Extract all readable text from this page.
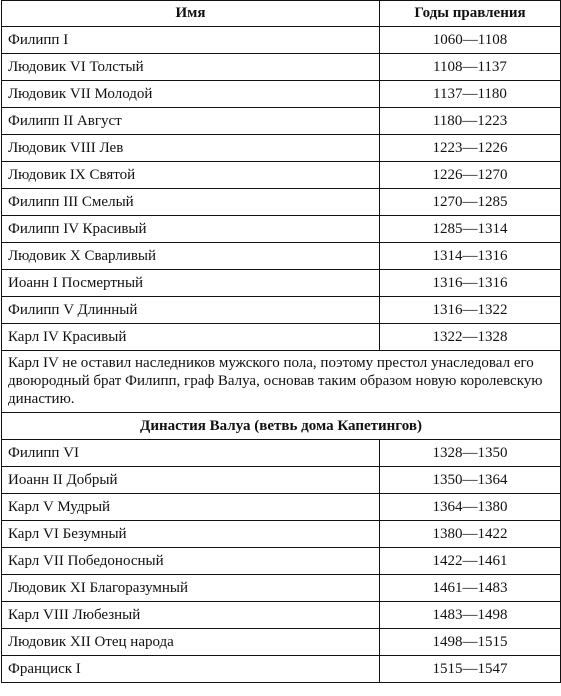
Имя	Годы правления
Филипп I	1060—1108
Людовик VI Толстый	1108—1137
Людовик VII Молодой	1137—1180
Филипп II Август	1180—1223
Людовик VIII Лев	1223—1226
Людовик IX Святой	1226—1270
Филипп III Смелый	1270—1285
Филипп IV Красивый	1285—1314
Людовик X Сварливый	1314—1316
Иоанн I Посмертный	1316—1316
Филипп V Длинный	1316—1322
Карл IV Красивый	1322—1328
Карл IV не оставил наследников мужского пола, поэтому престол унаследовал его двоюродный брат Филипп, граф Валуа, основав таким образом новую королевскую династию.	
Династия Валуа (ветвь дома Капетингов)	
Филипп VI	1328—1350
Иоанн II Добрый	1350—1364
Карл V Мудрый	1364—1380
Карл VI Безумный	1380—1422
Карл VII Победоносный	1422—1461
Людовик XI Благоразумный	1461—1483
Карл VIII Любезный	1483—1498
Людовик XII Отец народа	1498—1515
Франциск I	1515—1547
